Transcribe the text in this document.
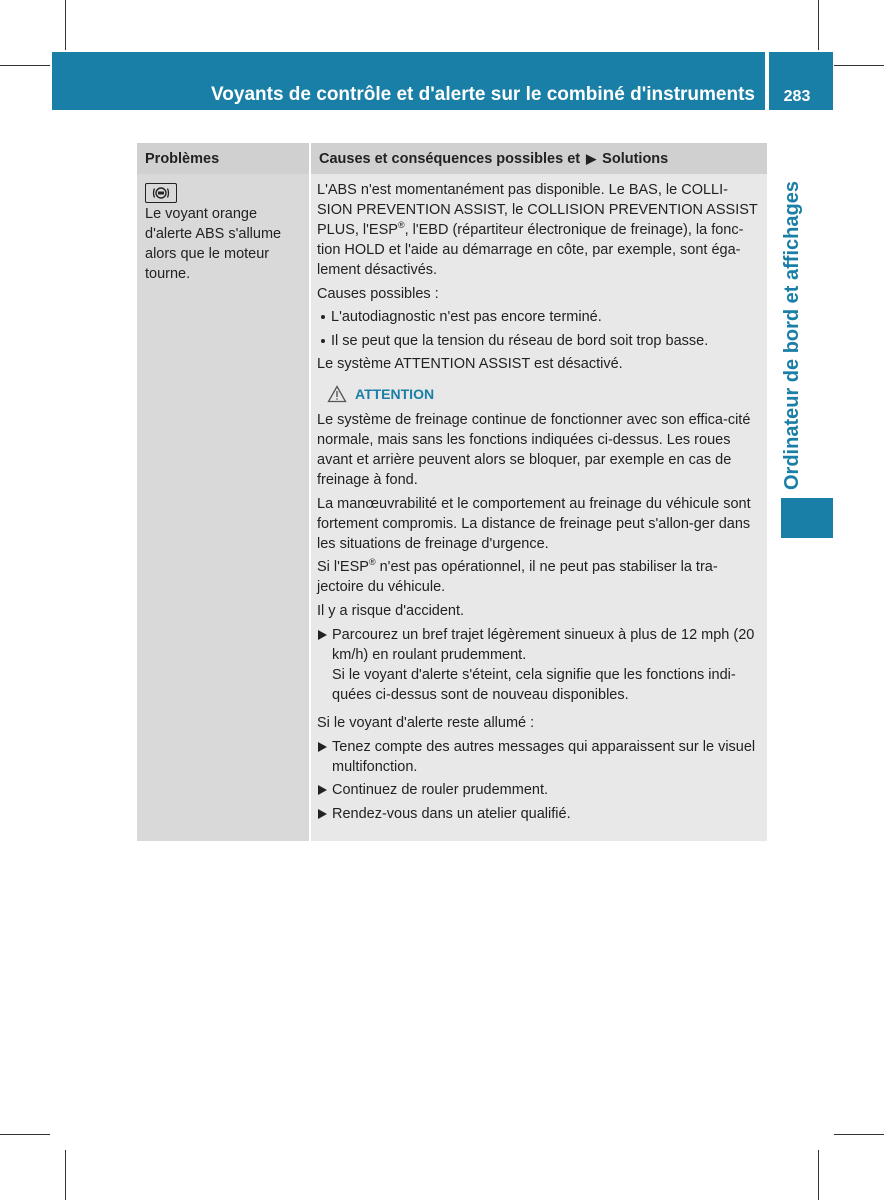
Voyants de contrôle et d'alerte sur le combiné d'instruments	283
Ordinateur de bord et affichages
Problèmes	Causes et conséquences possibles et ▶ Solutions
Le voyant orange d'alerte ABS s'allume alors que le moteur tourne.

L'ABS n'est momentanément pas disponible. Le BAS, le COLLI-SION PREVENTION ASSIST, le COLLISION PREVENTION ASSIST PLUS, l'ESP®, l'EBD (répartiteur électronique de freinage), la fonc-tion HOLD et l'aide au démarrage en côte, par exemple, sont éga-lement désactivés.

Causes possibles :

L'autodiagnostic n'est pas encore terminé.
Il se peut que la tension du réseau de bord soit trop basse.

Le système ATTENTION ASSIST est désactivé.

ATTENTION

Le système de freinage continue de fonctionner avec son effica-cité normale, mais sans les fonctions indiquées ci-dessus. Les roues avant et arrière peuvent alors se bloquer, par exemple en cas de freinage à fond.

La manœuvrabilité et le comportement au freinage du véhicule sont fortement compromis. La distance de freinage peut s'allon-ger dans les situations de freinage d'urgence.

Si l'ESP® n'est pas opérationnel, il ne peut pas stabiliser la tra-jectoire du véhicule.

Il y a risque d'accident.

Parcourez un bref trajet légèrement sinueux à plus de 12 mph (20 km/h) en roulant prudemment.
Si le voyant d'alerte s'éteint, cela signifie que les fonctions indi-quées ci-dessus sont de nouveau disponibles.

Si le voyant d'alerte reste allumé :

Tenez compte des autres messages qui apparaissent sur le visuel multifonction.
Continuez de rouler prudemment.
Rendez-vous dans un atelier qualifié.
